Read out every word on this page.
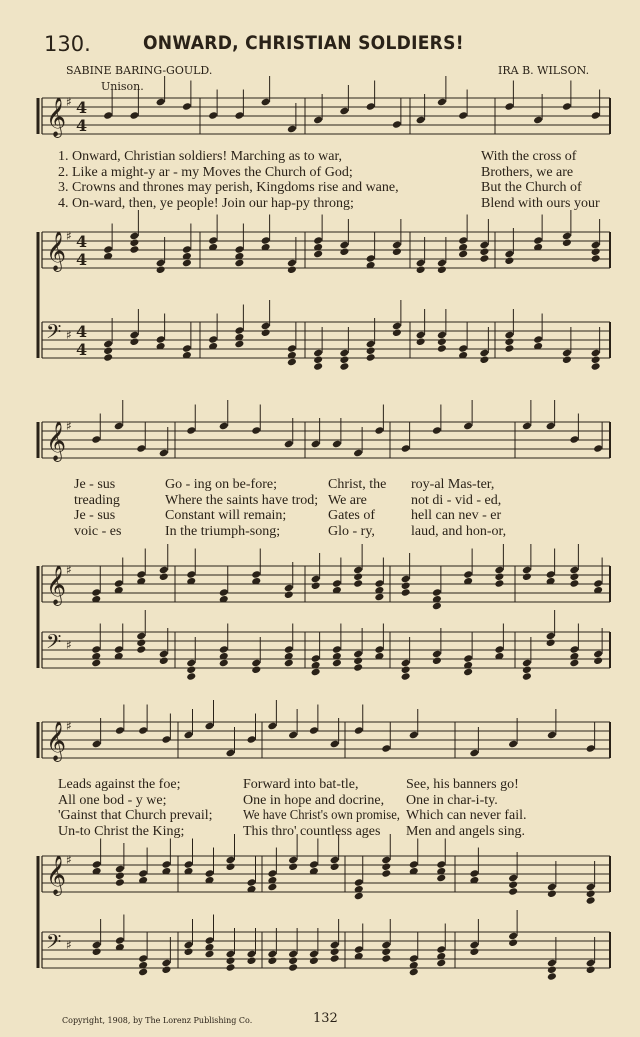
𝄞 ♯ 4
4
𝄞 ♯ 4
4
𝄢 ♯ 4
4
𝄞 ♯
𝄞 ♯
𝄢 ♯
𝄞 ♯
𝄞 ♯
𝄢 ♯
130.	ONWARD, CHRISTIAN SOLDIERS!
SABINE BARING-GOULD.	IRA B. WILSON.
Unison.
1. Onward, Christian soldiers! Marching as to war,
2. Like a might-y ar - my Moves the Church of God;
3. Crowns and thrones may perish, Kingdoms rise and wane,
4. On-ward, then, ye people! Join our hap-py throng;
With the cross of
Brothers, we are
But the Church of
Blend with ours your
Je - sus
treading
Je - sus
voic - es
Go - ing on be-fore;
Where the saints have trod;
Constant will remain;
In the triumph-song;
Christ, the
We are
Gates of
Glo - ry,
roy-al Mas-ter,
not di - vid - ed,
hell can nev - er
laud, and hon-or,
Leads against the foe;
All one bod - y we;
'Gainst that Church prevail;
Un-to Christ the King;
Forward into bat-tle,
One in hope and docrine,
We have Christ's own promise,
This thro' countless ages
See, his banners go!
One in char-i-ty.
Which can never fail.
Men and angels sing.
Copyright, 1908, by The Lorenz Publishing Co.	132
